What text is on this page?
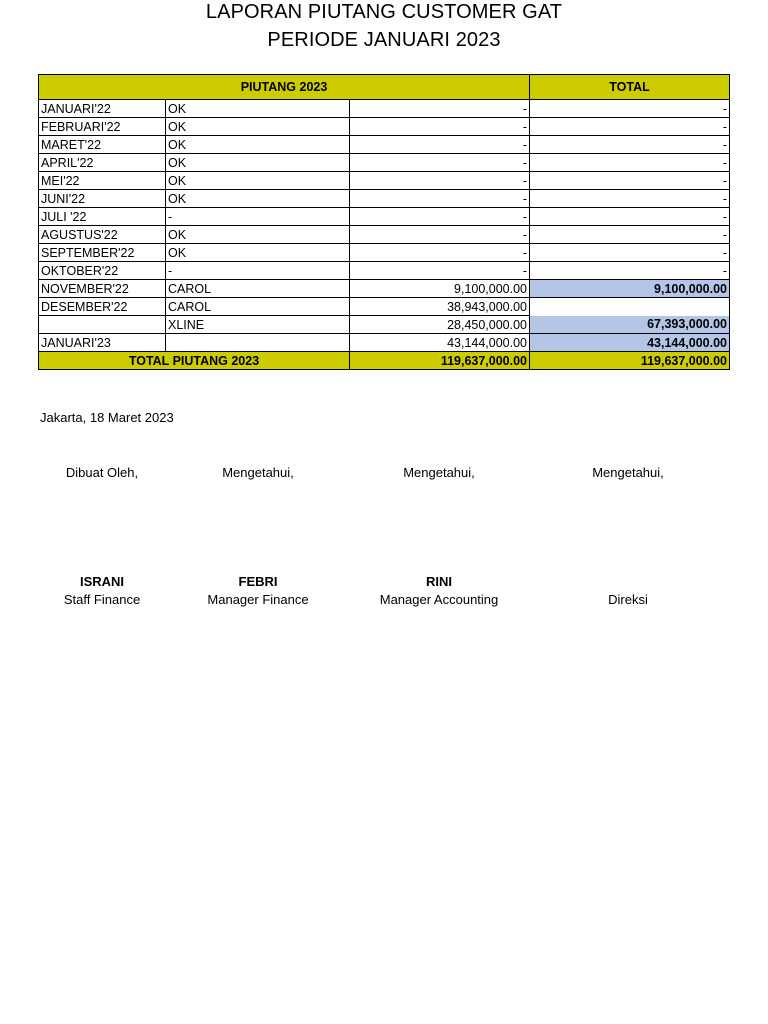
LAPORAN PIUTANG CUSTOMER GAT
PERIODE JANUARI 2023
PIUTANG 2023			TOTAL
JANUARI'22	OK	-	-
FEBRUARI'22	OK	-	-
MARET'22	OK	-	-
APRIL'22	OK	-	-
MEI'22	OK	-	-
JUNI'22	OK	-	-
JULI '22	-	-	-
AGUSTUS'22	OK	-	-
SEPTEMBER'22	OK	-	-
OKTOBER'22	-	-	-
NOVEMBER'22	CAROL	9,100,000.00	9,100,000.00
DESEMBER'22	CAROL	38,943,000.00	
	XLINE	28,450,000.00	67,393,000.00
JANUARI'23		43,144,000.00	43,144,000.00
TOTAL PIUTANG 2023		119,637,000.00	119,637,000.00
Jakarta, 18 Maret 2023
Dibuat Oleh,
ISRANI
Staff Finance
Mengetahui,
FEBRI
Manager Finance
Mengetahui,
RINI
Manager Accounting
Mengetahui,
Direksi
